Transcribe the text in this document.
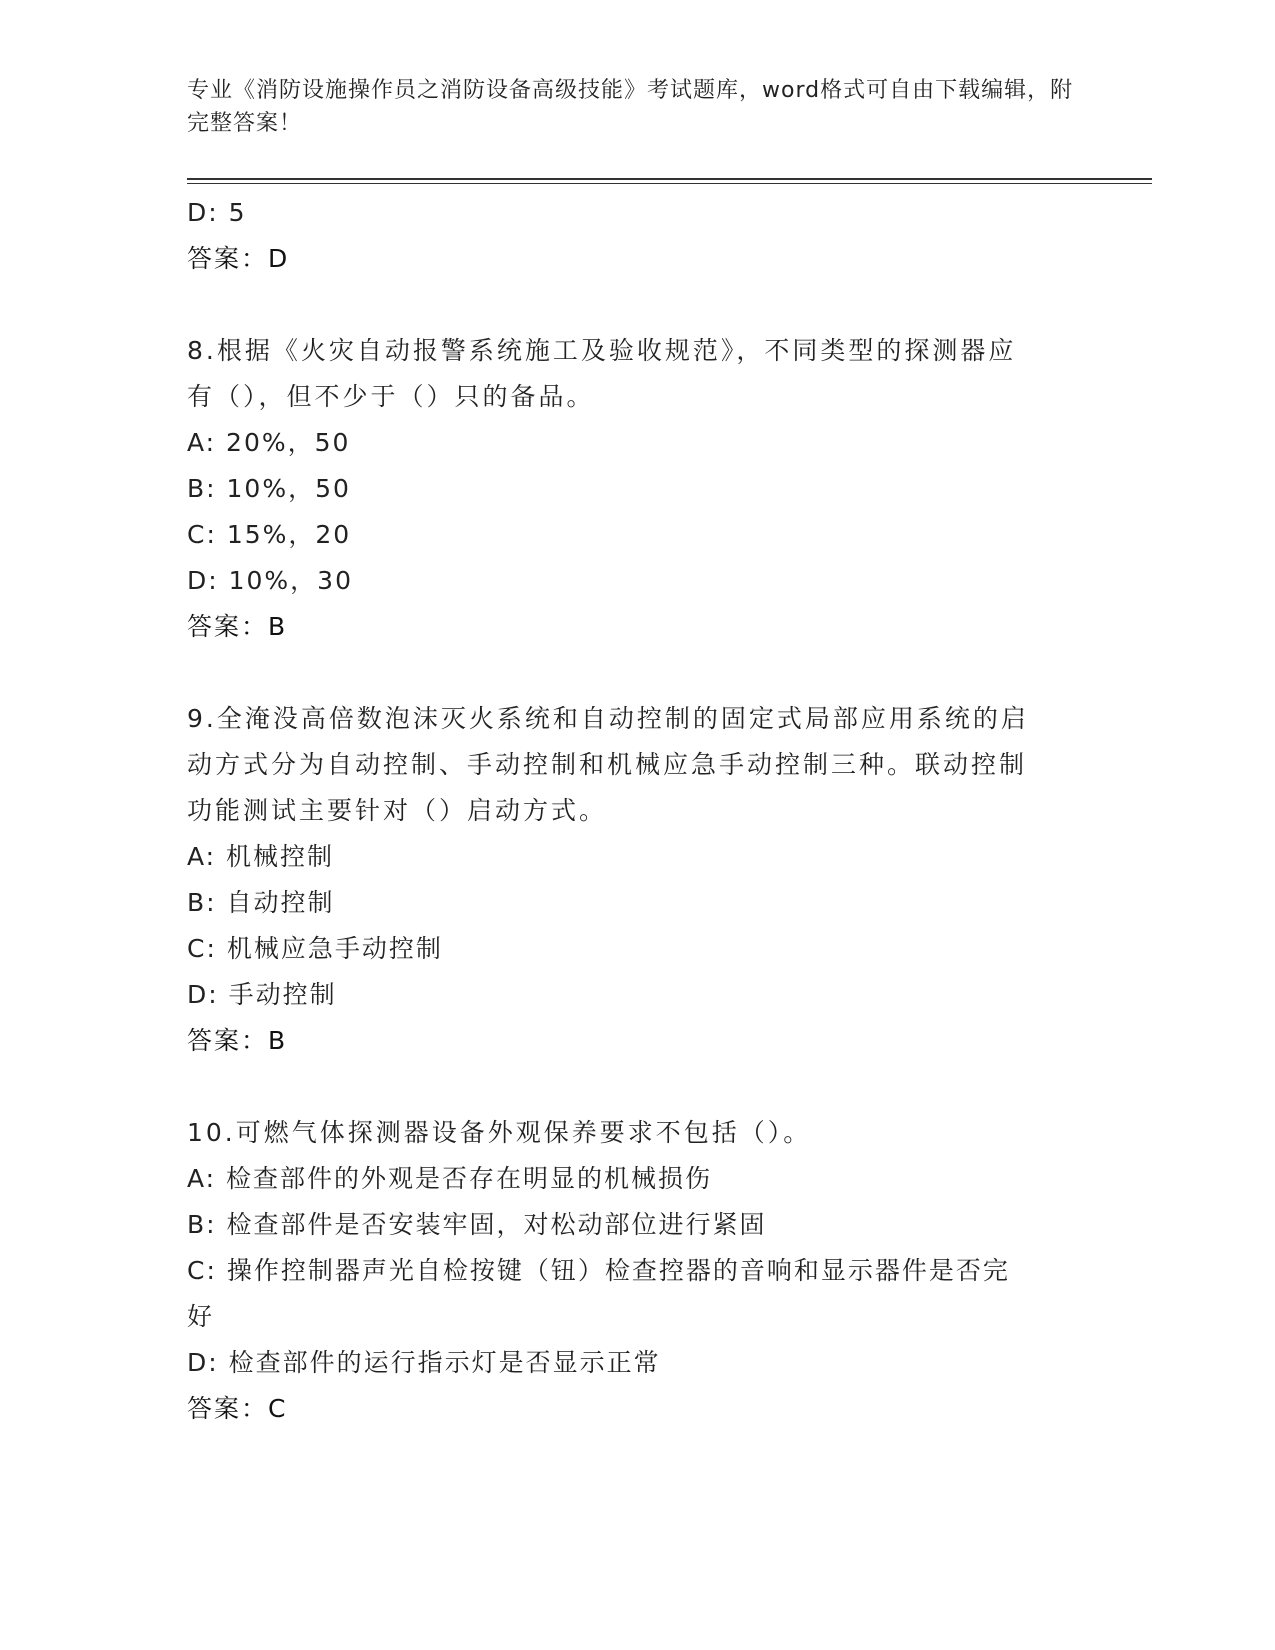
专业《消防设施操作员之消防设备高级技能》考试题库，word格式可自由下载编辑，附完整答案！
D: 5
答案：D
8.根据《火灾自动报警系统施工及验收规范》，不同类型的探测器应
有（），但不少于（）只的备品。
A: 20%，50
B: 10%，50
C: 15%，20
D: 10%，30
答案：B
9.全淹没高倍数泡沫灭火系统和自动控制的固定式局部应用系统的启
动方式分为自动控制、手动控制和机械应急手动控制三种。联动控制
功能测试主要针对（）启动方式。
A: 机械控制
B: 自动控制
C: 机械应急手动控制
D: 手动控制
答案：B
10.可燃气体探测器设备外观保养要求不包括（）。
A: 检查部件的外观是否存在明显的机械损伤
B: 检查部件是否安装牢固，对松动部位进行紧固
C: 操作控制器声光自检按键（钮）检查控器的音响和显示器件是否完
好
D: 检查部件的运行指示灯是否显示正常
答案：C
